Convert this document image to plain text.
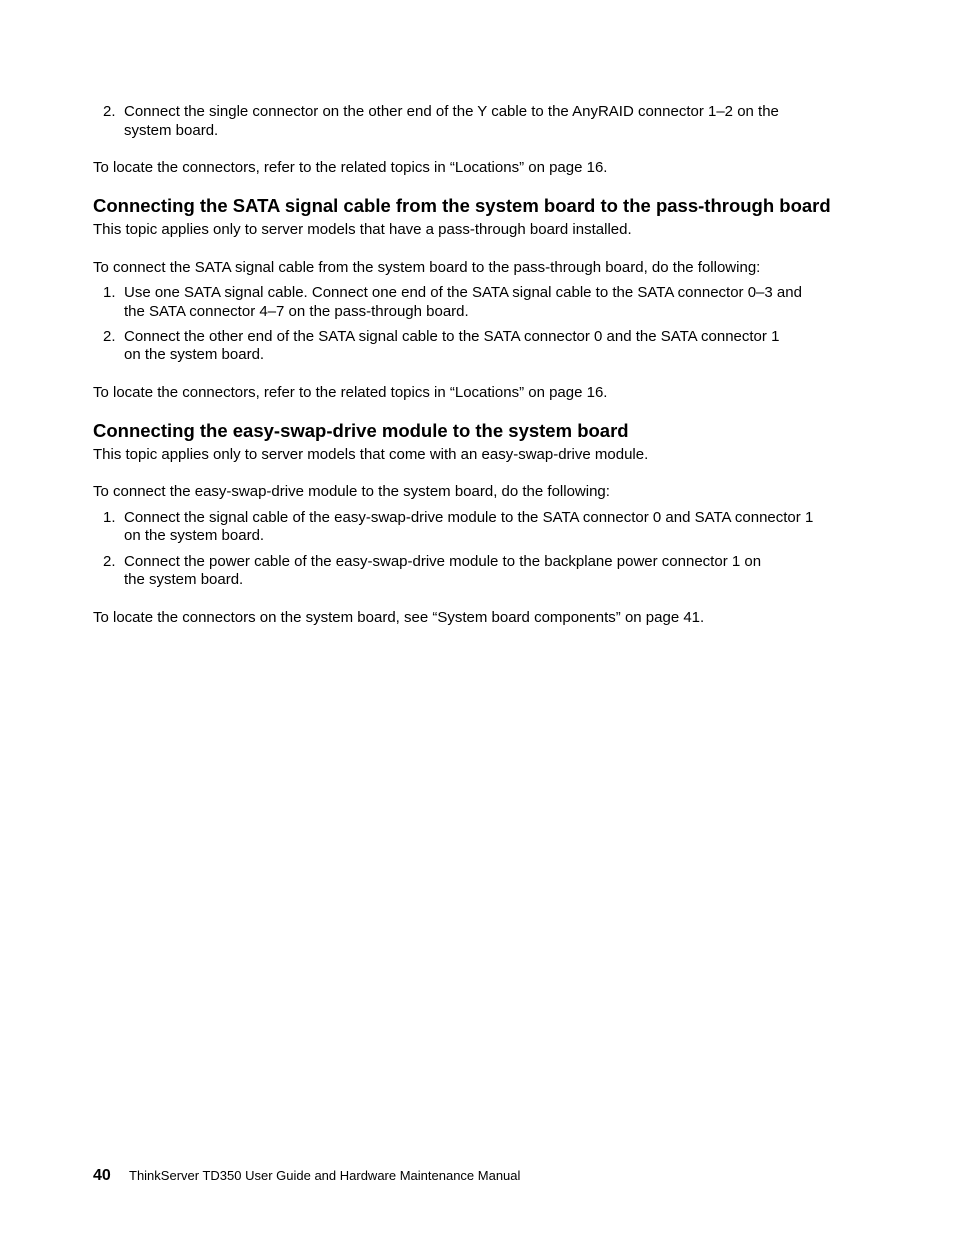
2. Connect the single connector on the other end of the Y cable to the AnyRAID connector 1–2 on the
system board.
To locate the connectors, refer to the related topics in “Locations” on page 16.
Connecting the SATA signal cable from the system board to the pass-through board
This topic applies only to server models that have a pass-through board installed.
To connect the SATA signal cable from the system board to the pass-through board, do the following:
1. Use one SATA signal cable. Connect one end of the SATA signal cable to the SATA connector 0–3 and
the SATA connector 4–7 on the pass-through board.
2. Connect the other end of the SATA signal cable to the SATA connector 0 and the SATA connector 1
on the system board.
To locate the connectors, refer to the related topics in “Locations” on page 16.
Connecting the easy-swap-drive module to the system board
This topic applies only to server models that come with an easy-swap-drive module.
To connect the easy-swap-drive module to the system board, do the following:
1. Connect the signal cable of the easy-swap-drive module to the SATA connector 0 and SATA connector 1
on the system board.
2. Connect the power cable of the easy-swap-drive module to the backplane power connector 1 on
the system board.
To locate the connectors on the system board, see “System board components” on page 41.
40 ThinkServer TD350 User Guide and Hardware Maintenance Manual
